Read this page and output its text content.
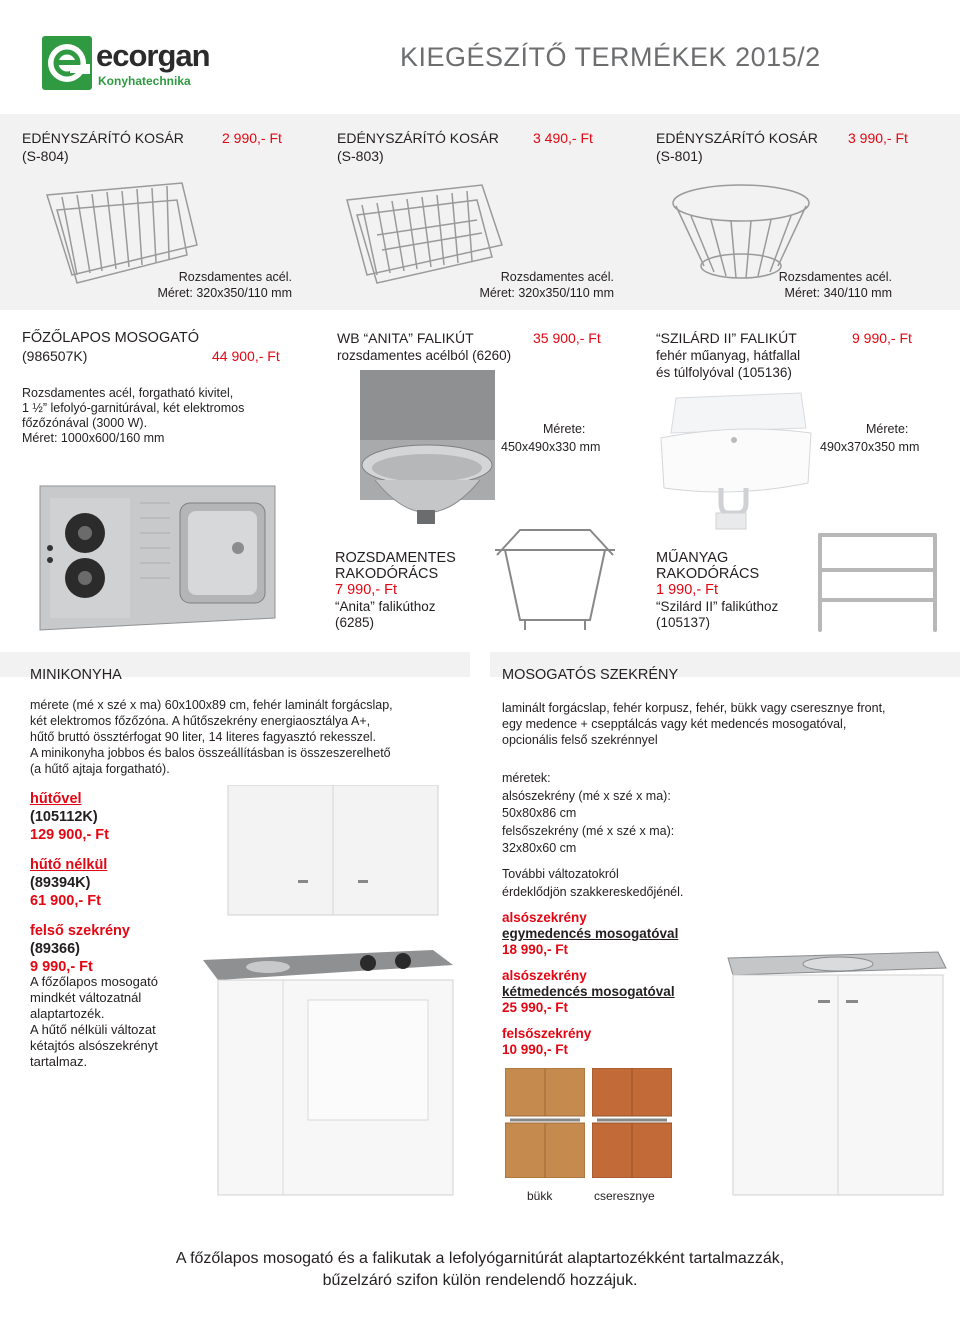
ecorgan
Konyhatechnika
KIEGÉSZÍTŐ TERMÉKEK 2015/2
EDÉNYSZÁRÍTÓ KOSÁR
(S-804)
2 990,- Ft
Rozsdamentes acél.
Méret: 320x350/110 mm
EDÉNYSZÁRÍTÓ KOSÁR
(S-803)
3 490,- Ft
Rozsdamentes acél.
Méret: 320x350/110 mm
EDÉNYSZÁRÍTÓ KOSÁR
(S-801)
3 990,- Ft
Rozsdamentes acél.
Méret: 340/110 mm
FŐZŐLAPOS MOSOGATÓ
(986507K)	44 900,- Ft
Rozsdamentes acél, forgatható kivitel,
1 ½” lefolyó-garnitúrával, két elektromos
főzőzónával (3000 W).
Méret: 1000x600/160 mm
WB “ANITA” FALIKÚT	35 900,- Ft
rozsdamentes acélból (6260)
Mérete:
450x490x330 mm
“SZILÁRD II” FALIKÚT	9 990,- Ft
fehér műanyag, hátfallal
és túlfolyóval (105136)
Mérete:
490x370x350 mm
ROZSDAMENTES
RAKODÓRÁCS
7 990,- Ft
“Anita” falikúthoz
(6285)
MŰANYAG
RAKODÓRÁCS
1 990,- Ft
“Szilárd II” falikúthoz
(105137)
MINIKONYHA	MOSOGATÓS SZEKRÉNY
mérete (mé x szé x ma) 60x100x89 cm, fehér laminált forgácslap,
két elektromos főzőzóna. A hűtőszekrény energiaosztálya A+,
hűtő bruttó össztérfogat 90 liter, 14 literes fagyasztó rekesszel.
A minikonyha jobbos és balos összeállításban is összeszerelhető
(a hűtő ajtaja forgatható).
hűtővel
(105112K)
129 900,- Ft
hűtő nélkül
(89394K)
61 900,- Ft
felső szekrény
(89366)
9 990,- Ft
A főzőlapos mosogató
mindkét változatnál
alaptartozék.
A hűtő nélküli változat
kétajtós alsószekrényt
tartalmaz.
laminált forgácslap, fehér korpusz, fehér, bükk vagy cseresznye front,
egy medence + csepptálcás vagy két medencés mosogatóval,
opcionális felső szekrénnyel
méretek:
alsószekrény (mé x szé x ma):
50x80x86 cm
felsőszekrény (mé x szé x ma):
32x80x60 cm
További változatokról
érdeklődjön szakkereskedőjénél.
alsószekrény
egymedencés mosogatóval
18 990,- Ft
alsószekrény
kétmedencés mosogatóval
25 990,- Ft
felsőszekrény
10 990,- Ft
bükk	cseresznye
A főzőlapos mosogató és a falikutak a lefolyógarnitúrát alaptartozékként tartalmazzák,
bűzelzáró szifon külön rendelendő hozzájuk.
